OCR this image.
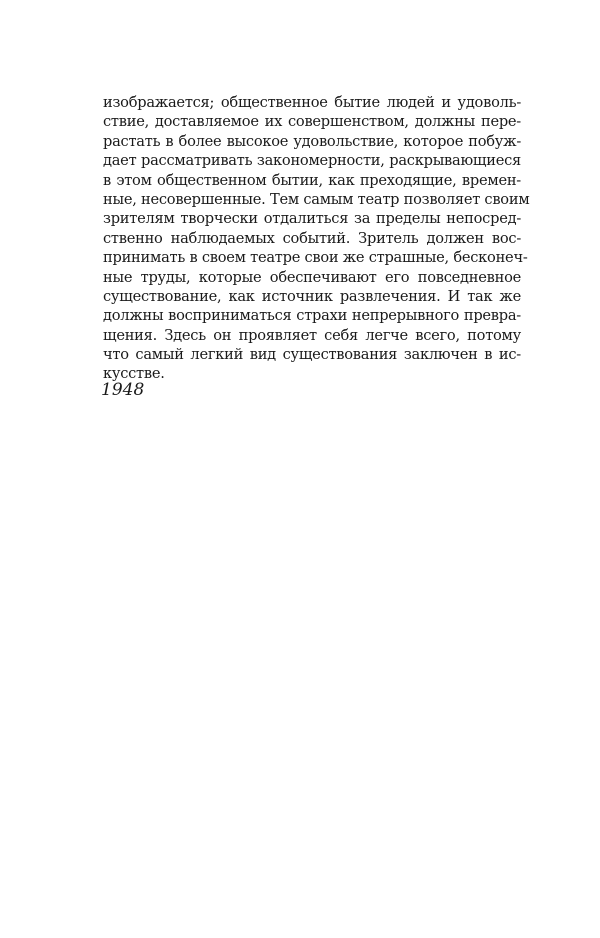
изображается; общественное бытие людей и удоволь-
ствие, доставляемое их совершенством, должны пере-
растать в более высокое удовольствие, которое побуж-
дает рассматривать закономерности, раскрывающиеся
в этом общественном бытии, как преходящие, времен-
ные, несовершенные. Тем самым театр позволяет своим
зрителям творчески отдалиться за пределы непосред-
ственно наблюдаемых событий. Зритель должен вос-
принимать в своем театре свои же страшные, бесконеч-
ные труды, которые обеспечивают его повседневное
существование, как источник развлечения. И так же
должны восприниматься страхи непрерывного превра-
щения. Здесь он проявляет себя легче всего, потому
что самый легкий вид существования заключен в ис-
кусстве.
1948
